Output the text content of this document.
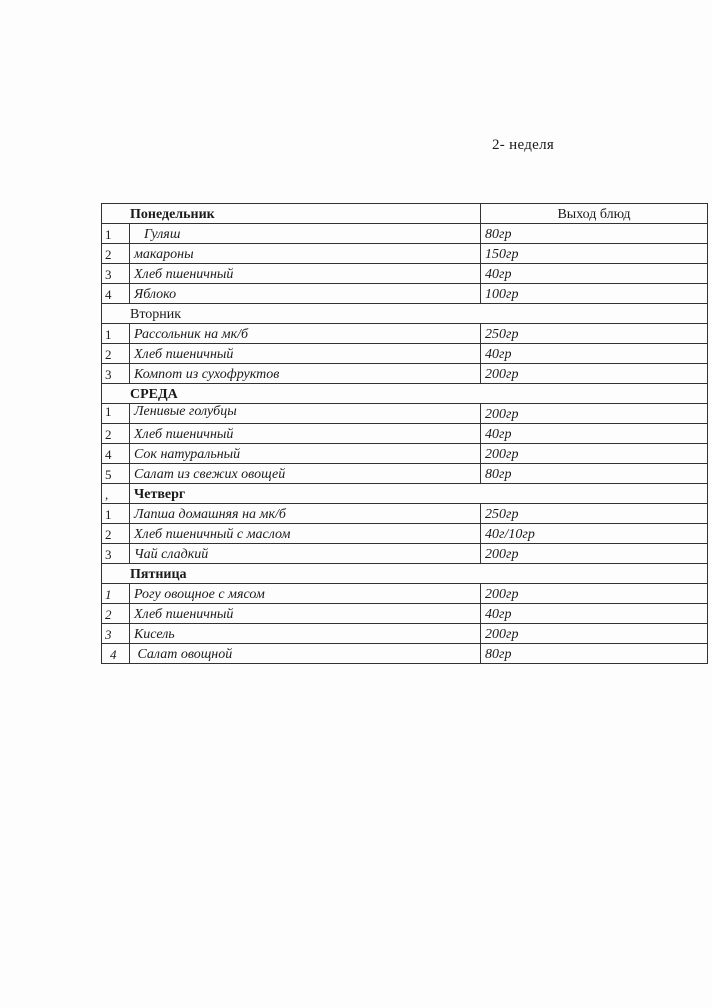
2- неделя
Понедельник		Выход блюд
1	Гуляш	80гр
2	макароны	150гр
3	Хлеб пшеничный	40гр
4	Яблоко	100гр
Вторник		
1	Рассольник на мк/б	250гр
2	Хлеб пшеничный	40гр
3	Компот из сухофруктов	200гр
СРЕДА		
1	Ленивые голубцы	200гр
2	Хлеб пшеничный	40гр
4	Сок натуральный	200гр
5	Салат из свежих овощей	80гр
,	Четверг	
1	Лапша домашняя на мк/б	250гр
2	Хлеб пшеничный с маслом	40г/10гр
3	Чай сладкий	200гр
Пятница		
1	Рогу овощное с мясом	200гр
2	Хлеб пшеничный	40гр
3	Кисель	200гр
4	Салат овощной	80гр
